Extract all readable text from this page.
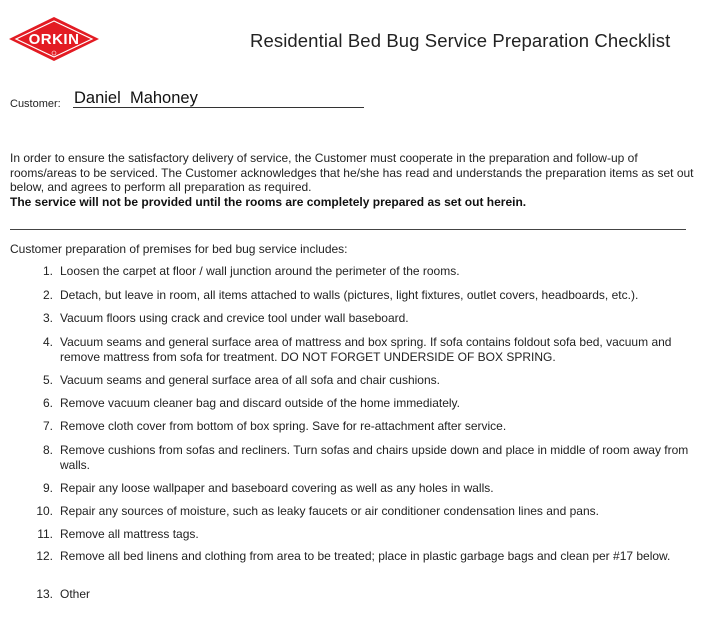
ORKIN	Residential Bed Bug Service Preparation Checklist
Customer: Daniel  Mahoney
In order to ensure the satisfactory delivery of service, the Customer must cooperate in the preparation and follow-up of rooms/areas to be serviced. The Customer acknowledges that he/she has read and understands the preparation items as set out below, and agrees to perform all preparation as required.
The service will not be provided until the rooms are completely prepared as set out herein.
Customer preparation of premises for bed bug service includes:
1. Loosen the carpet at floor / wall junction around the perimeter of the rooms.
2. Detach, but leave in room, all items attached to walls (pictures, light fixtures, outlet covers, headboards, etc.).
3. Vacuum floors using crack and crevice tool under wall baseboard.
4. Vacuum seams and general surface area of mattress and box spring. If sofa contains foldout sofa bed, vacuum and remove mattress from sofa for treatment. DO NOT FORGET UNDERSIDE OF BOX SPRING.
5. Vacuum seams and general surface area of all sofa and chair cushions.
6. Remove vacuum cleaner bag and discard outside of the home immediately.
7. Remove cloth cover from bottom of box spring. Save for re-attachment after service.
8. Remove cushions from sofas and recliners. Turn sofas and chairs upside down and place in middle of room away from walls.
9. Repair any loose wallpaper and baseboard covering as well as any holes in walls.
10. Repair any sources of moisture, such as leaky faucets or air conditioner condensation lines and pans.
11. Remove all mattress tags.
12. Remove all bed linens and clothing from area to be treated; place in plastic garbage bags and clean per #17 below.
13. Other
